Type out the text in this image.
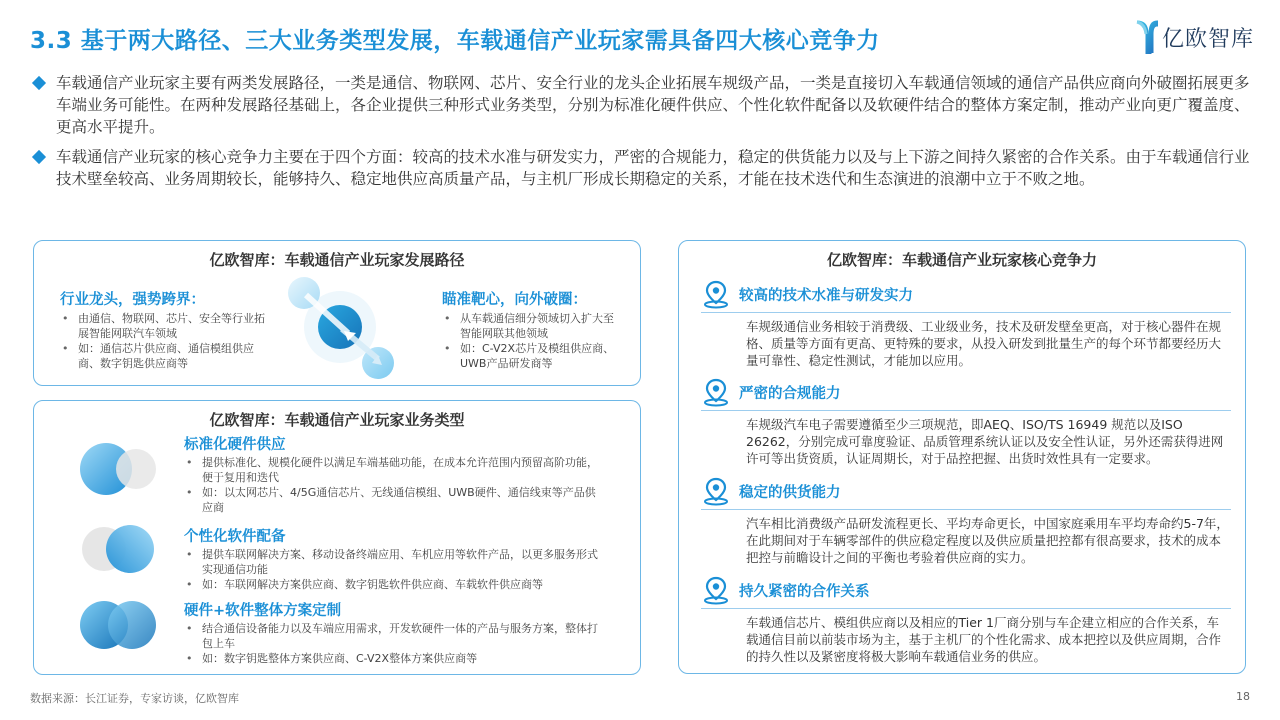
3.3 基于两大路径、三大业务类型发展，车载通信产业玩家需具备四大核心竞争力	亿欧智库
车载通信产业玩家主要有两类发展路径，一类是通信、物联网、芯片、安全行业的龙头企业拓展车规级产品，一类是直接切入车载通信领域的通信产品供应商向外破圈拓展更多车端业务可能性。在两种发展路径基础上，各企业提供三种形式业务类型，分别为标准化硬件供应、个性化软件配备以及软硬件结合的整体方案定制，推动产业向更广覆盖度、更高水平提升。
车载通信产业玩家的核心竞争力主要在于四个方面：较高的技术水准与研发实力，严密的合规能力，稳定的供货能力以及与上下游之间持久紧密的合作关系。由于车载通信行业技术壁垒较高、业务周期较长，能够持久、稳定地供应高质量产品，与主机厂形成长期稳定的关系，才能在技术迭代和生态演进的浪潮中立于不败之地。
亿欧智库：车载通信产业玩家发展路径
行业龙头，强势跨界：
• 由通信、物联网、芯片、安全等行业拓展智能网联汽车领域
• 如：通信芯片供应商、通信模组供应商、数字钥匙供应商等
瞄准靶心，向外破圈：
• 从车载通信细分领域切入扩大至智能网联其他领域
• 如：C-V2X芯片及模组供应商、UWB产品研发商等
亿欧智库：车载通信产业玩家业务类型
标准化硬件供应
• 提供标准化、规模化硬件以满足车端基础功能，在成本允许范围内预留高阶功能，便于复用和迭代
• 如：以太网芯片、4/5G通信芯片、无线通信模组、UWB硬件、通信线束等产品供应商
个性化软件配备
• 提供车联网解决方案、移动设备终端应用、车机应用等软件产品，以更多服务形式实现通信功能
• 如：车联网解决方案供应商、数字钥匙软件供应商、车载软件供应商等
硬件+软件整体方案定制
• 结合通信设备能力以及车端应用需求，开发软硬件一体的产品与服务方案，整体打包上车
• 如：数字钥匙整体方案供应商、C-V2X整体方案供应商等
亿欧智库：车载通信产业玩家核心竞争力
较高的技术水准与研发实力
车规级通信业务相较于消费级、工业级业务，技术及研发壁垒更高，对于核心器件在规格、质量等方面有更高、更特殊的要求，从投入研发到批量生产的每个环节都要经历大量可靠性、稳定性测试，才能加以应用。
严密的合规能力
车规级汽车电子需要遵循至少三项规范，即AEQ、ISO/TS 16949 规范以及ISO 26262，分别完成可靠度验证、品质管理系统认证以及安全性认证，另外还需获得进网许可等出货资质，认证周期长，对于品控把握、出货时效性具有一定要求。
稳定的供货能力
汽车相比消费级产品研发流程更长、平均寿命更长，中国家庭乘用车平均寿命约5-7年，在此期间对于车辆零部件的供应稳定程度以及供应质量把控都有很高要求，技术的成本把控与前瞻设计之间的平衡也考验着供应商的实力。
持久紧密的合作关系
车载通信芯片、模组供应商以及相应的Tier 1厂商分别与车企建立相应的合作关系，车载通信目前以前装市场为主，基于主机厂的个性化需求、成本把控以及供应周期，合作的持久性以及紧密度将极大影响车载通信业务的供应。
数据来源：长江证券，专家访谈，亿欧智库	18
